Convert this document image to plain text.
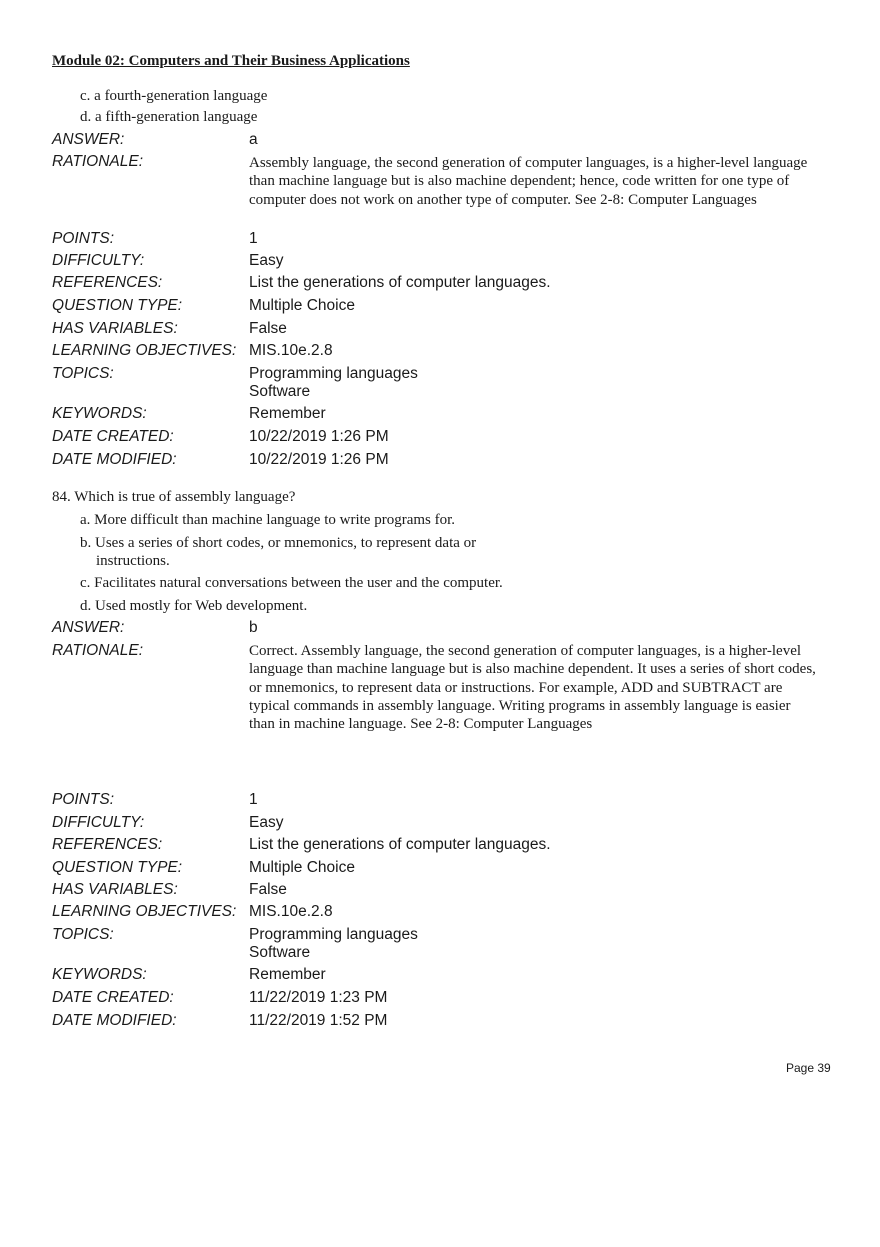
Module 02: Computers and Their Business Applications
c. a fourth-generation language
d. a fifth-generation language
ANSWER:	a
RATIONALE:	Assembly language, the second generation of computer languages, is a higher-level language than machine language but is also machine dependent; hence, code written for one type of computer does not work on another type of computer. See 2-8: Computer Languages
POINTS:	1
DIFFICULTY:	Easy
REFERENCES:	List the generations of computer languages.
QUESTION TYPE:	Multiple Choice
HAS VARIABLES:	False
LEARNING OBJECTIVES: MIS.10e.2.8
TOPICS:	Programming languages
Software
KEYWORDS:	Remember
DATE CREATED:	10/22/2019 1:26 PM
DATE MODIFIED:	10/22/2019 1:26 PM
84. Which is true of assembly language?
a. More difficult than machine language to write programs for.
b. Uses a series of short codes, or mnemonics, to represent data or instructions.
c. Facilitates natural conversations between the user and the computer.
d. Used mostly for Web development.
ANSWER:	b
RATIONALE:	Correct. Assembly language, the second generation of computer languages, is a higher-level language than machine language but is also machine dependent. It uses a series of short codes, or mnemonics, to represent data or instructions. For example, ADD and SUBTRACT are typical commands in assembly language. Writing programs in assembly language is easier than in machine language. See 2-8: Computer Languages
POINTS:	1
DIFFICULTY:	Easy
REFERENCES:	List the generations of computer languages.
QUESTION TYPE:	Multiple Choice
HAS VARIABLES:	False
LEARNING OBJECTIVES: MIS.10e.2.8
TOPICS:	Programming languages
Software
KEYWORDS:	Remember
DATE CREATED:	11/22/2019 1:23 PM
DATE MODIFIED:	11/22/2019 1:52 PM
Page 39
